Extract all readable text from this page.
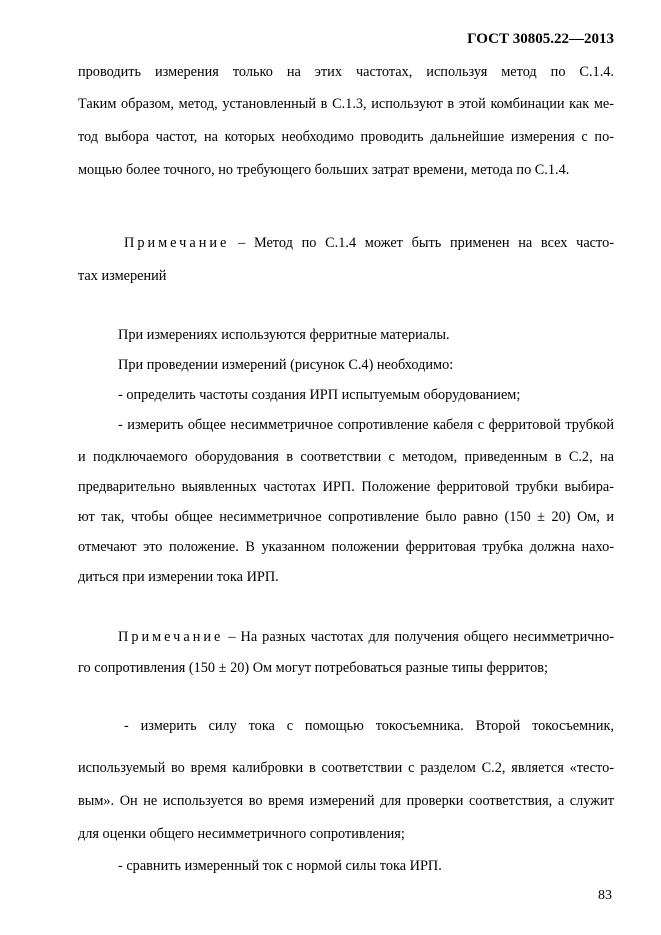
ГОСТ 30805.22—2013
проводить измерения только на этих частотах, используя метод по С.1.4.
Таким образом, метод, установленный в С.1.3, используют в этой комбинации как ме-
тод выбора частот, на которых необходимо проводить дальнейшие измерения с по-
мощью более точного, но требующего больших затрат времени, метода по С.1.4.
Примечание – Метод по С.1.4 может быть применен на всех часто-
тах измерений
При измерениях используются ферритные материалы.
При проведении измерений (рисунок С.4) необходимо:
- определить частоты создания ИРП испытуемым оборудованием;
- измерить общее несимметричное сопротивление кабеля с ферритовой трубкой
и подключаемого оборудования в соответствии с методом, приведенным в С.2, на
предварительно выявленных частотах ИРП. Положение ферритовой трубки выбира-
ют так, чтобы общее несимметричное сопротивление было равно (150 ± 20) Ом, и
отмечают это положение. В указанном положении ферритовая трубка должна нахо-
диться при измерении тока ИРП.
Примечание – На разных частотах для получения общего несимметрично-
го сопротивления (150 ± 20) Ом могут потребоваться разные типы ферритов;
- измерить силу тока с помощью токосъемника. Второй токосъемник,
используемый во время калибровки в соответствии с разделом С.2, является «тесто-
вым». Он не используется во время измерений для проверки соответствия, а служит
для оценки общего несимметричного сопротивления;
- сравнить измеренный ток с нормой силы тока ИРП.
83
